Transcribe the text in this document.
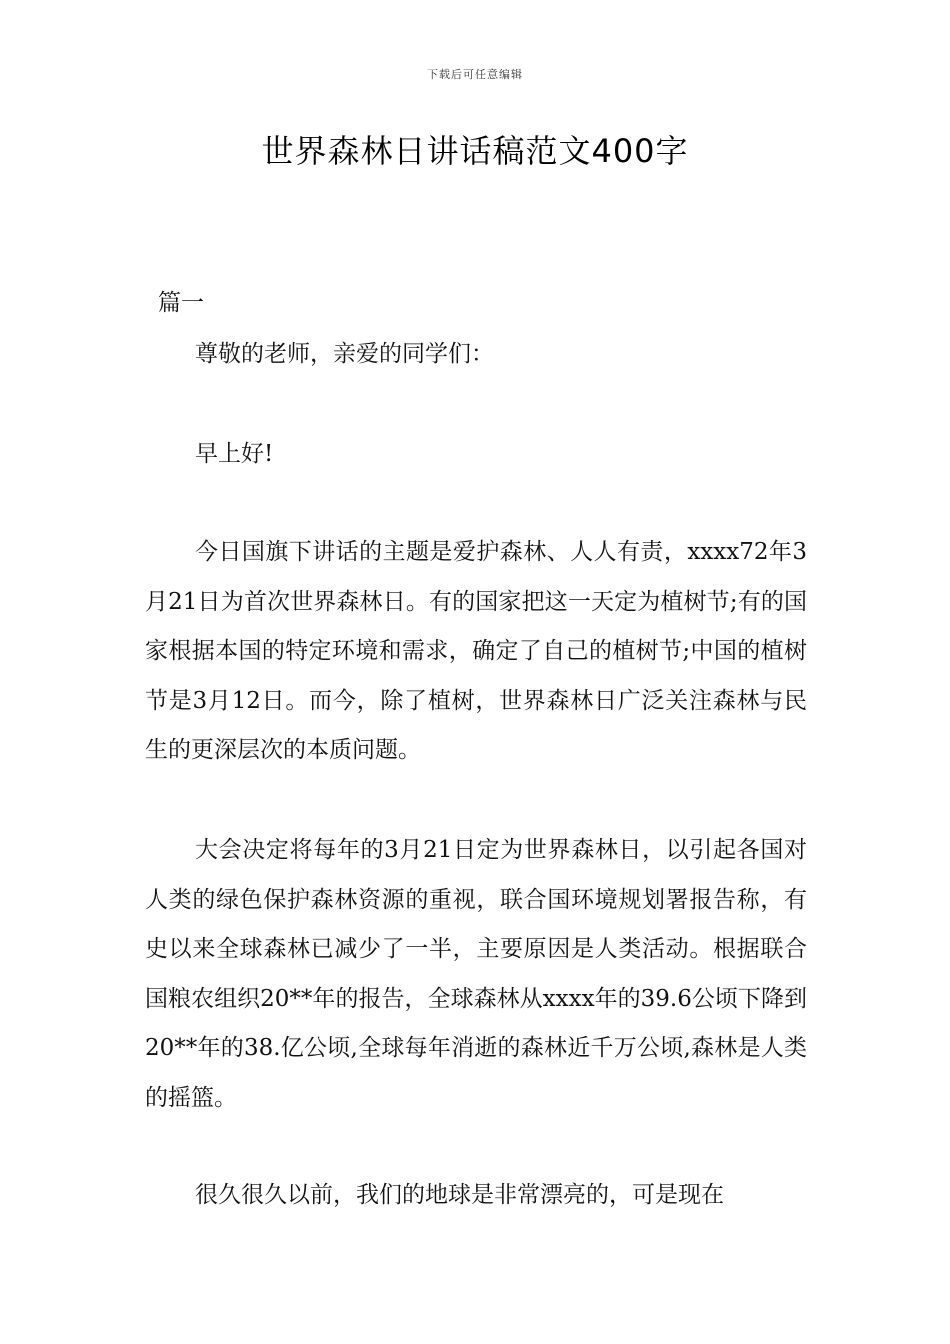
下载后可任意编辑
世界森林日讲话稿范文400字
篇一

尊敬的老师，亲爱的同学们：

早上好!

今日国旗下讲话的主题是爱护森林、人人有责，xxxx72年3月21日为首次世界森林日。有的国家把这一天定为植树节;有的国家根据本国的特定环境和需求，确定了自己的植树节;中国的植树节是3月12日。而今，除了植树，世界森林日广泛关注森林与民生的更深层次的本质问题。

大会决定将每年的3月21日定为世界森林日，以引起各国对人类的绿色保护森林资源的重视，联合国环境规划署报告称，有史以来全球森林已减少了一半，主要原因是人类活动。根据联合国粮农组织20**年的报告，全球森林从xxxx年的39.6公顷下降到20**年的38.亿公顷,全球每年消逝的森林近千万公顷,森林是人类的摇篮。

很久很久以前，我们的地球是非常漂亮的，可是现在
